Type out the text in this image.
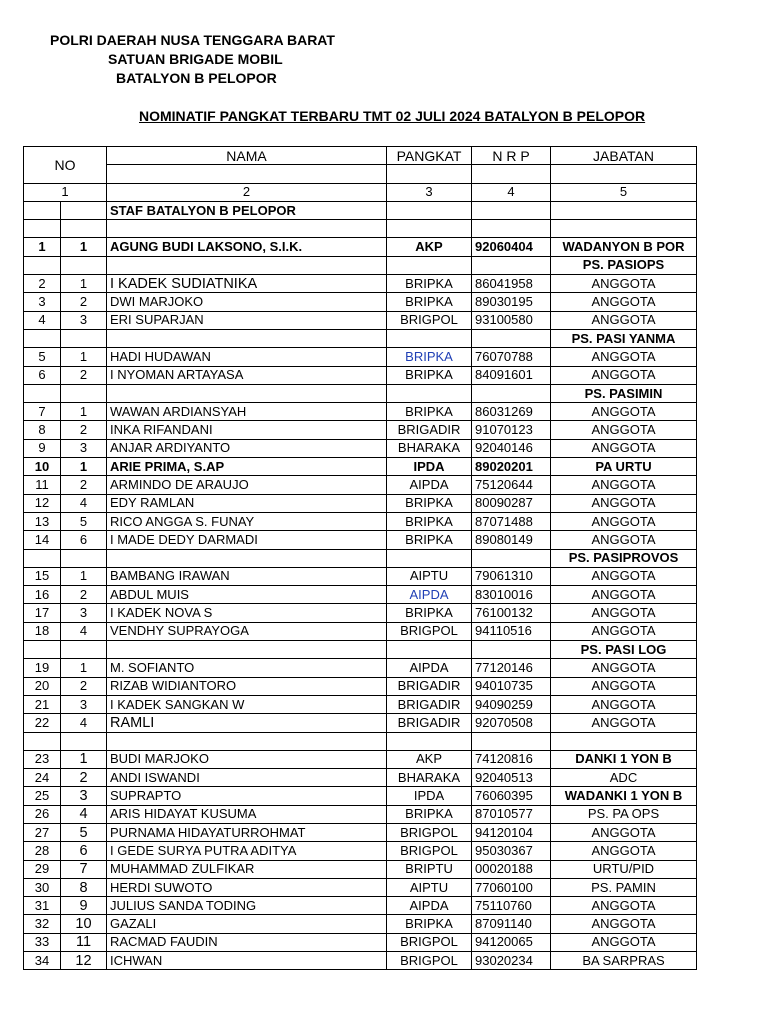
POLRI DAERAH NUSA TENGGARA BARAT
SATUAN BRIGADE MOBIL
BATALYON B PELOPOR
NOMINATIF PANGKAT TERBARU TMT 02 JULI 2024 BATALYON B PELOPOR
NO		NAMA	PANGKAT	N R P	JABATAN

1		2	3	4	5
		STAF BATALYON B PELOPOR			

1	1	AGUNG BUDI LAKSONO, S.I.K.	AKP	92060404	WADANYON B POR
					PS. PASIOPS
2	1	I KADEK SUDIATNIKA	BRIPKA	86041958	ANGGOTA
3	2	DWI MARJOKO	BRIPKA	89030195	ANGGOTA
4	3	ERI SUPARJAN	BRIGPOL	93100580	ANGGOTA
					PS. PASI YANMA
5	1	HADI HUDAWAN	BRIPKA	76070788	ANGGOTA
6	2	I NYOMAN ARTAYASA	BRIPKA	84091601	ANGGOTA
					PS. PASIMIN
7	1	WAWAN ARDIANSYAH	BRIPKA	86031269	ANGGOTA
8	2	INKA RIFANDANI	BRIGADIR	91070123	ANGGOTA
9	3	ANJAR ARDIYANTO	BHARAKA	92040146	ANGGOTA
10	1	ARIE PRIMA, S.AP	IPDA	89020201	PA URTU
11	2	ARMINDO DE ARAUJO	AIPDA	75120644	ANGGOTA
12	4	EDY RAMLAN	BRIPKA	80090287	ANGGOTA
13	5	RICO ANGGA S. FUNAY	BRIPKA	87071488	ANGGOTA
14	6	I MADE DEDY DARMADI	BRIPKA	89080149	ANGGOTA
					PS. PASIPROVOS
15	1	BAMBANG IRAWAN	AIPTU	79061310	ANGGOTA
16	2	ABDUL MUIS	AIPDA	83010016	ANGGOTA
17	3	I KADEK NOVA S	BRIPKA	76100132	ANGGOTA
18	4	VENDHY SUPRAYOGA	BRIGPOL	94110516	ANGGOTA
					PS. PASI LOG
19	1	M. SOFIANTO	AIPDA	77120146	ANGGOTA
20	2	RIZAB WIDIANTORO	BRIGADIR	94010735	ANGGOTA
21	3	I KADEK SANGKAN W	BRIGADIR	94090259	ANGGOTA
22	4	RAMLI	BRIGADIR	92070508	ANGGOTA

23	1	BUDI MARJOKO	AKP	74120816	DANKI 1 YON B
24	2	ANDI ISWANDI	BHARAKA	92040513	ADC
25	3	SUPRAPTO	IPDA	76060395	WADANKI 1 YON B
26	4	ARIS HIDAYAT KUSUMA	BRIPKA	87010577	PS. PA OPS
27	5	PURNAMA HIDAYATURROHMAT	BRIGPOL	94120104	ANGGOTA
28	6	I GEDE SURYA PUTRA ADITYA	BRIGPOL	95030367	ANGGOTA
29	7	MUHAMMAD ZULFIKAR	BRIPTU	00020188	URTU/PID
30	8	HERDI SUWOTO	AIPTU	77060100	PS. PAMIN
31	9	JULIUS SANDA TODING	AIPDA	75110760	ANGGOTA
32	10	GAZALI	BRIPKA	87091140	ANGGOTA
33	11	RACMAD FAUDIN	BRIGPOL	94120065	ANGGOTA
34	12	ICHWAN	BRIGPOL	93020234	BA SARPRAS
